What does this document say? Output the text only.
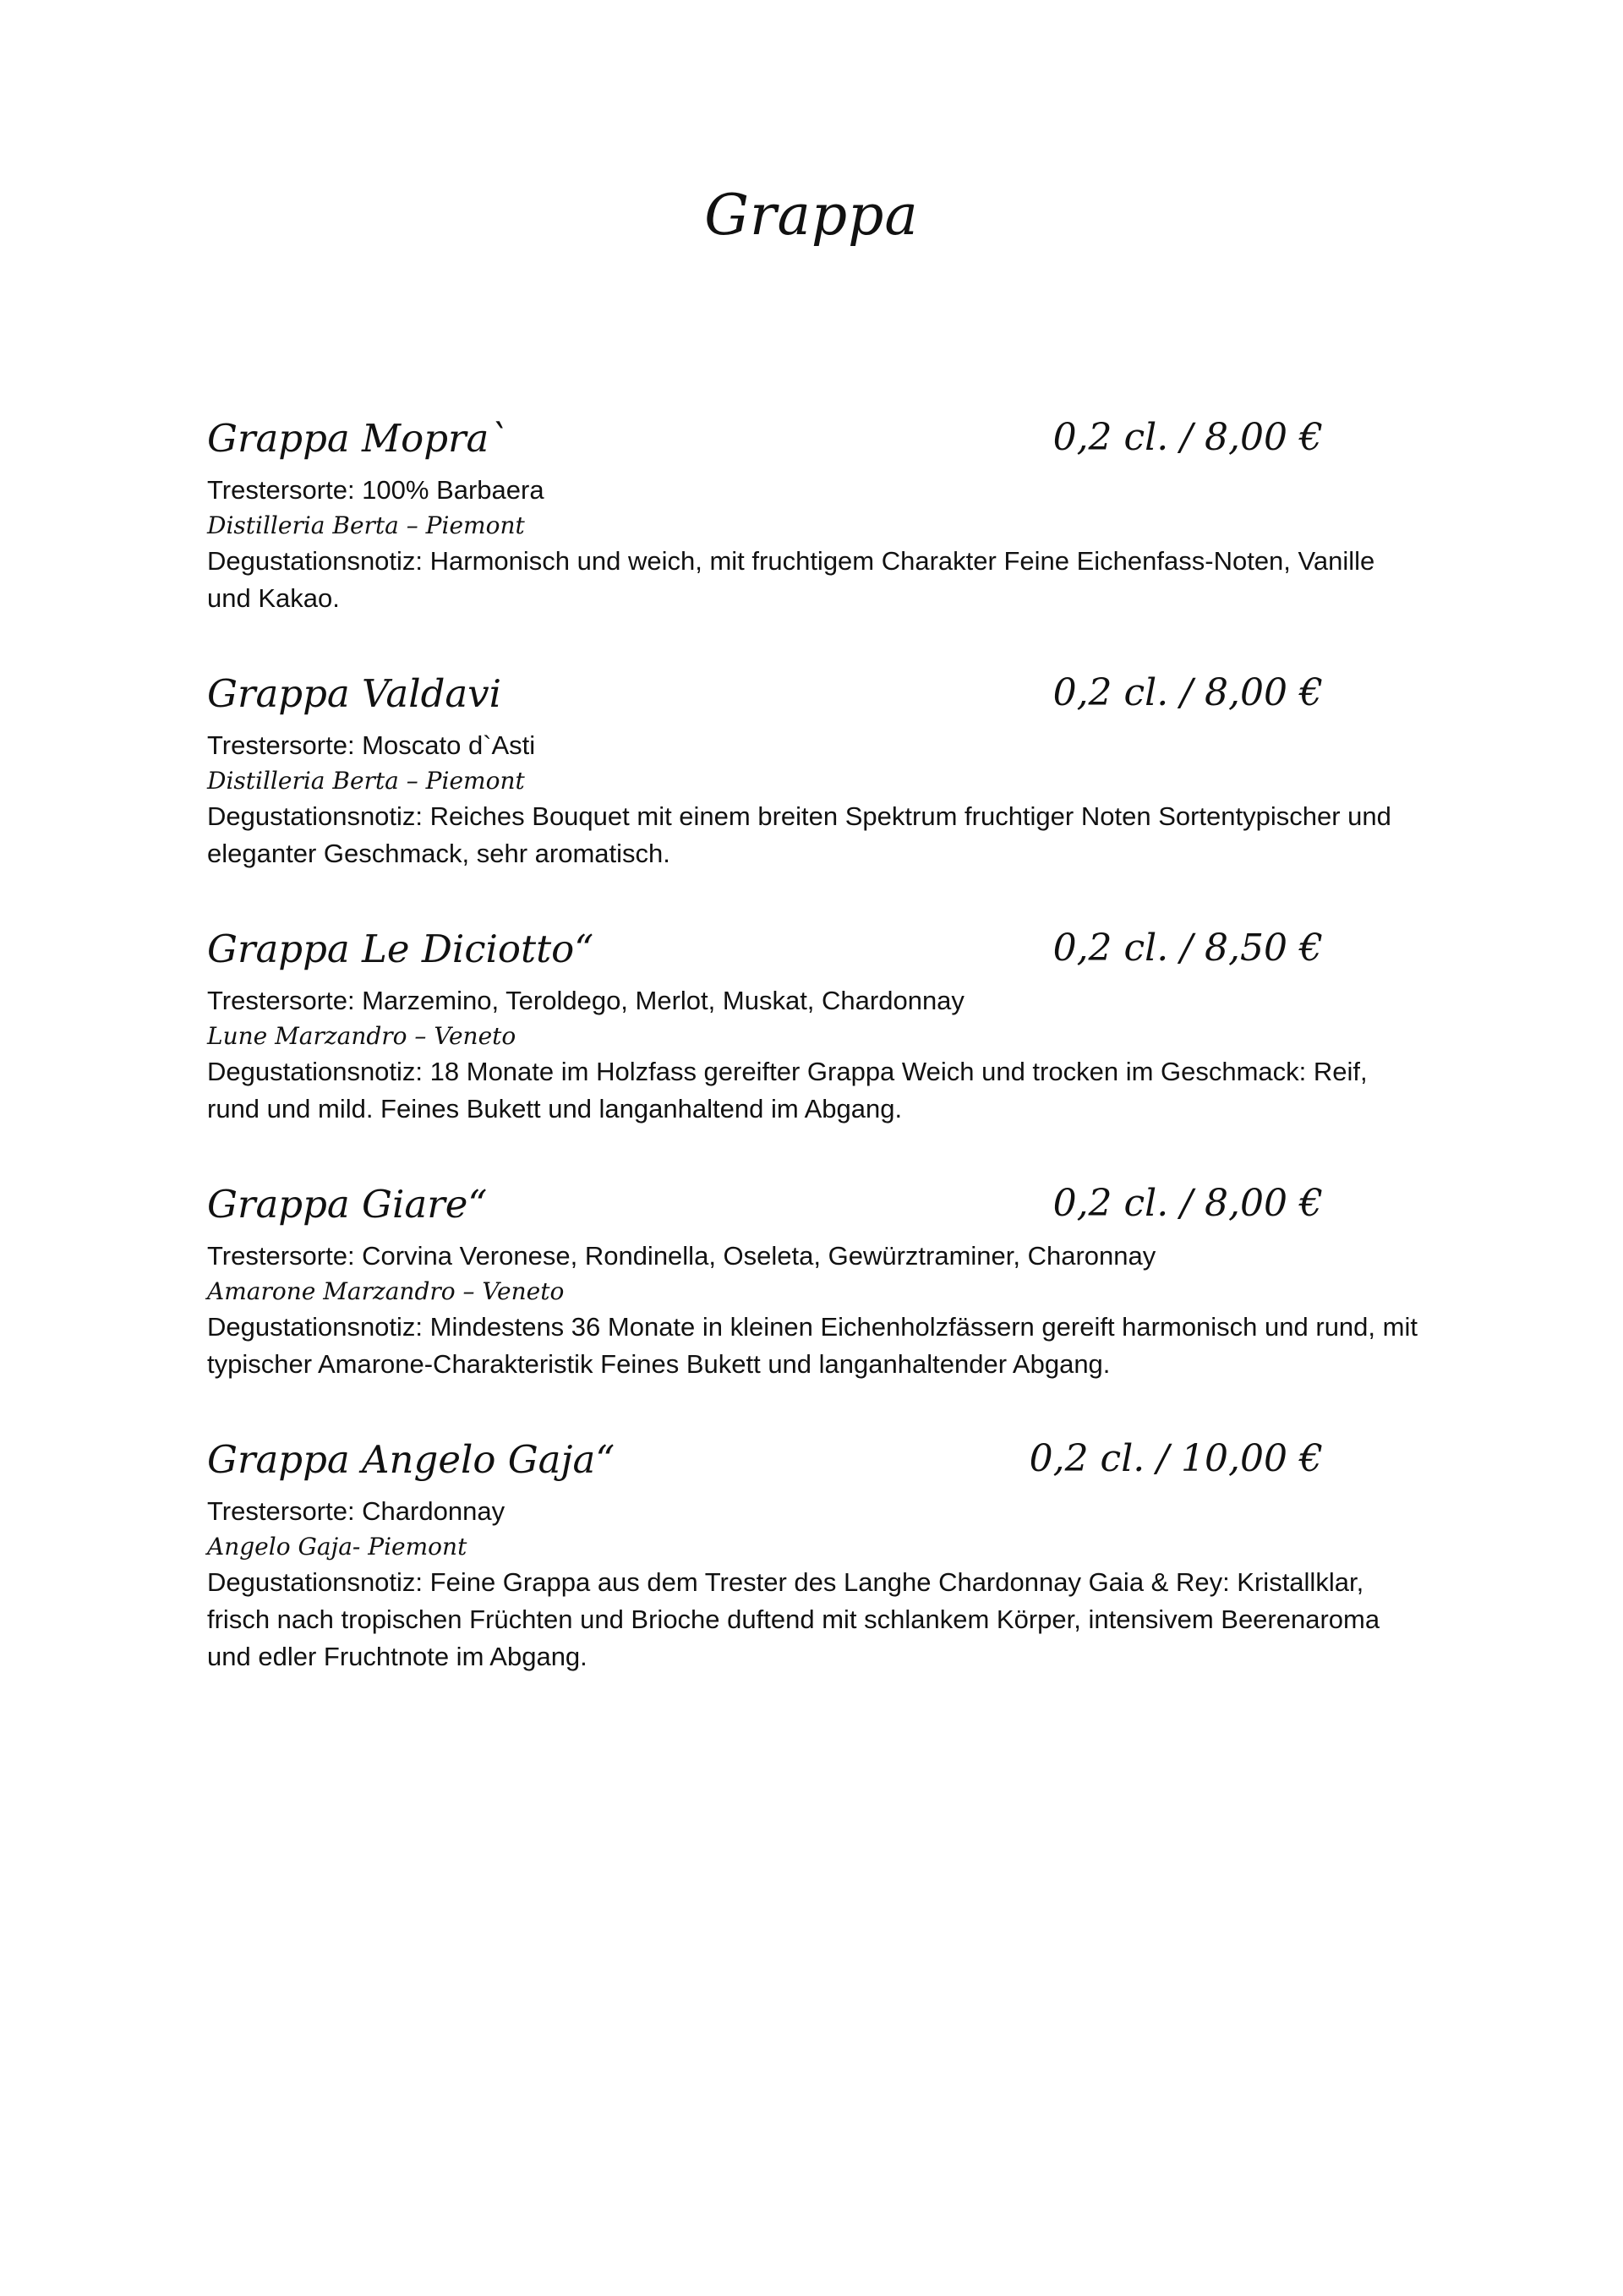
Grappa
Grappa Mopra`	0,2 cl. / 8,00 €
Trestersorte: 100% Barbaera
Distilleria Berta – Piemont
Degustationsnotiz: Harmonisch und weich, mit fruchtigem Charakter Feine Eichenfass-Noten, Vanille und Kakao.
Grappa Valdavi	0,2 cl. / 8,00 €
Trestersorte: Moscato d`Asti
Distilleria Berta – Piemont
Degustationsnotiz: Reiches Bouquet mit einem breiten Spektrum fruchtiger Noten Sortentypischer und eleganter Geschmack, sehr aromatisch.
Grappa Le Diciotto“	0,2 cl. / 8,50 €
Trestersorte: Marzemino, Teroldego, Merlot, Muskat, Chardonnay
Lune Marzandro – Veneto
Degustationsnotiz: 18 Monate im Holzfass gereifter Grappa Weich und trocken im Geschmack: Reif, rund und mild. Feines Bukett und langanhaltend im Abgang.
Grappa Giare“	0,2 cl. / 8,00 €
Trestersorte: Corvina Veronese, Rondinella, Oseleta, Gewürztraminer, Charonnay
Amarone Marzandro – Veneto
Degustationsnotiz: Mindestens 36 Monate in kleinen Eichenholzfässern gereift harmonisch und rund, mit typischer Amarone-Charakteristik Feines Bukett und langanhaltender Abgang.
Grappa Angelo Gaja“	0,2 cl. / 10,00 €
Trestersorte: Chardonnay
Angelo Gaja- Piemont
Degustationsnotiz: Feine Grappa aus dem Trester des Langhe Chardonnay Gaia & Rey: Kristallklar, frisch nach tropischen Früchten und Brioche duftend mit schlankem Körper, intensivem Beerenaroma und edler Fruchtnote im Abgang.
